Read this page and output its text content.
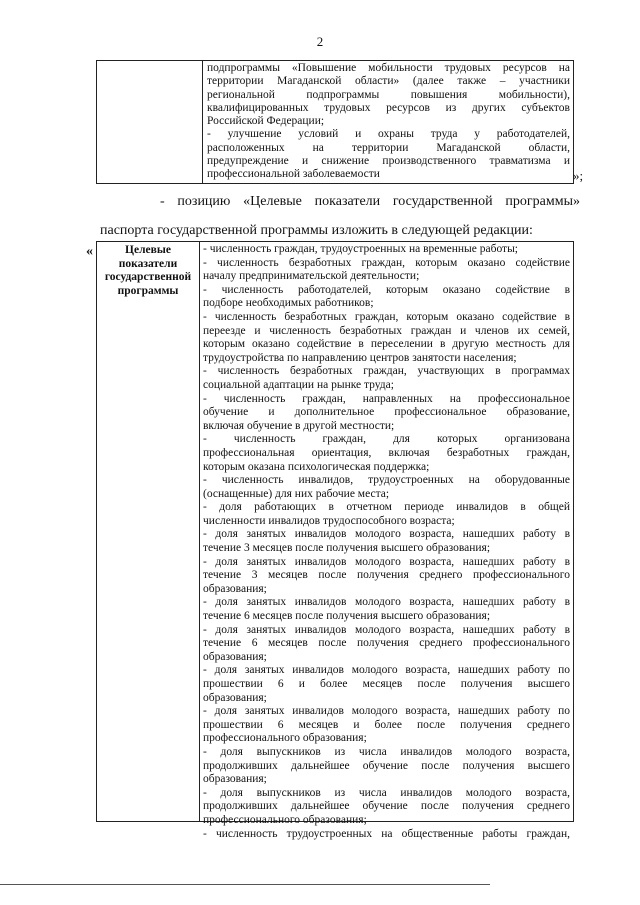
2
подпрограммы «Повышение мобильности трудовых ресурсов на
территории Магаданской области» (далее также – участники
региональной подпрограммы повышения мобильности),
квалифицированных трудовых ресурсов из других субъектов
Российской Федерации;
- улучшение условий и охраны труда у работодателей,
расположенных на территории Магаданской области,
предупреждение и снижение производственного травматизма и
профессиональной заболеваемости	»;
- позицию «Целевые показатели государственной программы»
паспорта государственной программы изложить в следующей редакции:
«	Целевые
показатели
государственной
программы
- численность граждан, трудоустроенных на временные работы;
- численность безработных граждан, которым оказано содействие
началу предпринимательской деятельности;
- численность работодателей, которым оказано содействие в
подборе необходимых работников;
- численность безработных граждан, которым оказано содействие в
переезде и численность безработных граждан и членов их семей,
которым оказано содействие в переселении в другую местность для
трудоустройства по направлению центров занятости населения;
- численность безработных граждан, участвующих в программах
социальной адаптации на рынке труда;
- численность граждан, направленных на профессиональное
обучение и дополнительное профессиональное образование,
включая обучение в другой местности;
- численность граждан, для которых организована
профессиональная ориентация, включая безработных граждан,
которым оказана психологическая поддержка;
- численность инвалидов, трудоустроенных на оборудованные
(оснащенные) для них рабочие места;
- доля работающих в отчетном периоде инвалидов в общей
численности инвалидов трудоспособного возраста;
- доля занятых инвалидов молодого возраста, нашедших работу в
течение 3 месяцев после получения высшего образования;
- доля занятых инвалидов молодого возраста, нашедших работу в
течение 3 месяцев после получения среднего профессионального
образования;
- доля занятых инвалидов молодого возраста, нашедших работу в
течение 6 месяцев после получения высшего образования;
- доля занятых инвалидов молодого возраста, нашедших работу в
течение 6 месяцев после получения среднего профессионального
образования;
- доля занятых инвалидов молодого возраста, нашедших работу по
прошествии 6 и более месяцев после получения высшего
образования;
- доля занятых инвалидов молодого возраста, нашедших работу по
прошествии 6 месяцев и более после получения среднего
профессионального образования;
- доля выпускников из числа инвалидов молодого возраста,
продолживших дальнейшее обучение после получения высшего
образования;
- доля выпускников из числа инвалидов молодого возраста,
продолживших дальнейшее обучение после получения среднего
профессионального образования;
- численность трудоустроенных на общественные работы граждан,
